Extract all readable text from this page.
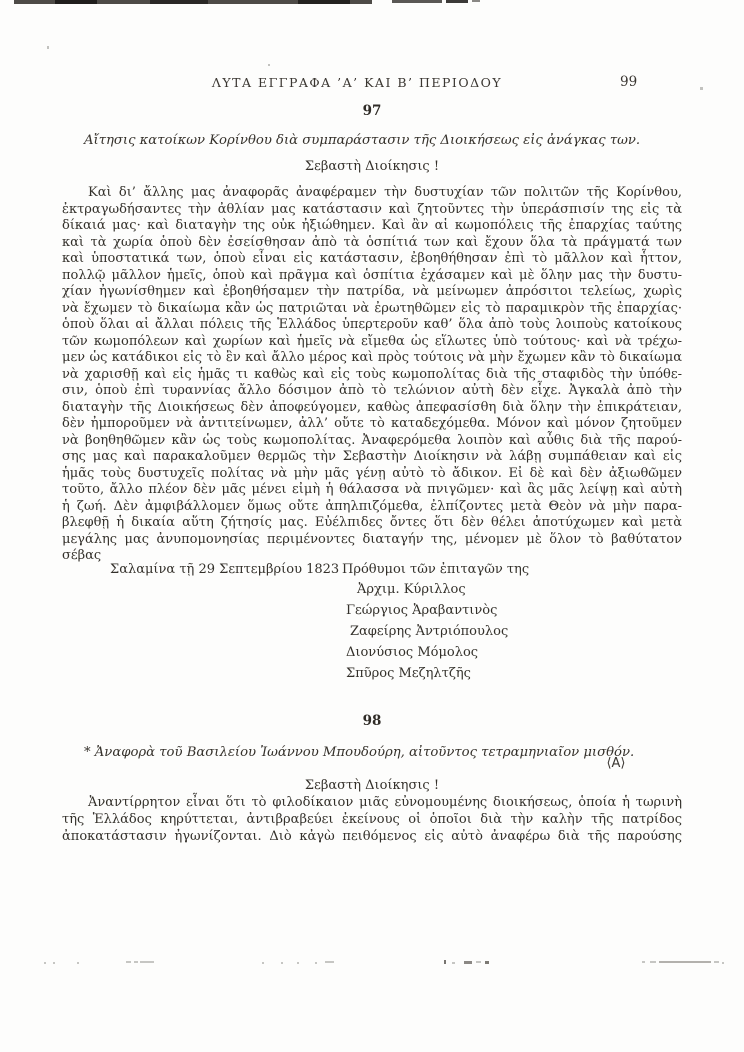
ΛΥΤΑ ΕΓΓΡΑΦΑ ’Α’ ΚΑΙ Β’ ΠΕΡΙΟΔΟΥ	99
97
Αἴτησις κατοίκων Κορίνθου διὰ συμπαράστασιν τῆς Διοικήσεως εἰς ἀνάγκας των.
Σεβαστὴ Διοίκησις !
Καὶ δι’ ἄλλης μας ἀναφορᾶς ἀναφέραμεν τὴν δυστυχίαν τῶν πολιτῶν τῆς Κορίνθου,
ἐκτραγωδήσαντες τὴν ἀθλίαν μας κατάστασιν καὶ ζητοῦντες τὴν ὑπεράσπισίν της εἰς τὰ
δίκαιά μας· καὶ διαταγὴν της οὐκ ἠξιώθημεν. Καὶ ἂν αἱ κωμοπόλεις τῆς ἐπαρχίας ταύτης
καὶ τὰ χωρία ὁποὺ δὲν ἐσείσθησαν ἀπὸ τὰ ὁσπίτιά των καὶ ἔχουν ὅλα τὰ πράγματά των
καὶ ὑποστατικά των, ὁποὺ εἶναι εἰς κατάστασιν, ἐβοηθήθησαν ἐπὶ τὸ μᾶλλον καὶ ἧττον,
πολλῷ μᾶλλον ἡμεῖς, ὁποὺ καὶ πρᾶγμα καὶ ὁσπίτια ἐχάσαμεν καὶ μὲ ὅλην μας τὴν δυστυ-
χίαν ἠγωνίσθημεν καὶ ἐβοηθήσαμεν τὴν πατρίδα, νὰ μείνωμεν ἀπρόσιτοι τελείως, χωρὶς
νὰ ἔχωμεν τὸ δικαίωμα κἂν ὡς πατριῶται νὰ ἐρωτηθῶμεν εἰς τὸ παραμικρὸν τῆς ἐπαρχίας·
ὁποὺ ὅλαι αἱ ἄλλαι πόλεις τῆς Ἑλλάδος ὑπερτεροῦν καθ’ ὅλα ἀπὸ τοὺς λοιποὺς κατοίκους
τῶν κωμοπόλεων καὶ χωρίων καὶ ἡμεῖς νὰ εἴμεθα ὡς εἵλωτες ὑπὸ τούτους· καὶ νὰ τρέχω-
μεν ὡς κατάδικοι εἰς τὸ ἓν καὶ ἄλλο μέρος καὶ πρὸς τούτοις νὰ μὴν ἔχωμεν κἂν τὸ δικαίωμα
νὰ χαρισθῇ καὶ εἰς ἡμᾶς τι καθὼς καὶ εἰς τοὺς κωμοπολίτας διὰ τῆς σταφιδὸς τὴν ὑπόθε-
σιν, ὁποὺ ἐπὶ τυραννίας ἄλλο δόσιμον ἀπὸ τὸ τελώνιον αὐτὴ δὲν εἶχε. Ἀγκαλὰ ἀπὸ τὴν
διαταγὴν τῆς Διοικήσεως δὲν ἀποφεύγομεν, καθὼς ἀπεφασίσθη διὰ ὅλην τὴν ἐπικράτειαν,
δὲν ἠμποροῦμεν νὰ ἀντιτείνωμεν, ἀλλ’ οὔτε τὸ καταδεχόμεθα. Μόνον καὶ μόνον ζητοῦμεν
νὰ βοηθηθῶμεν κἂν ὡς τοὺς κωμοπολίτας. Ἀναφερόμεθα λοιπὸν καὶ αὖθις διὰ τῆς παρού-
σης μας καὶ παρακαλοῦμεν θερμῶς τὴν Σεβαστὴν Διοίκησιν νὰ λάβῃ συμπάθειαν καὶ εἰς
ἡμᾶς τοὺς δυστυχεῖς πολίτας νὰ μὴν μᾶς γένῃ αὐτὸ τὸ ἄδικον. Εἰ δὲ καὶ δὲν ἀξιωθῶμεν
τοῦτο, ἄλλο πλέον δὲν μᾶς μένει εἰμὴ ἡ θάλασσα νὰ πνιγῶμεν· καὶ ἂς μᾶς λείψῃ καὶ αὐτὴ
ἡ ζωή. Δὲν ἀμφιβάλλομεν ὅμως οὔτε ἀπηλπιζόμεθα, ἐλπίζοντες μετὰ Θεὸν νὰ μὴν παρα-
βλεφθῇ ἡ δικαία αὕτη ζήτησίς μας. Εὐέλπιδες ὄντες ὅτι δὲν θέλει ἀποτύχωμεν καὶ μετὰ
μεγάλης μας ἀνυπομονησίας περιμένοντες διαταγήν της, μένομεν μὲ ὅλον τὸ βαθύτατον
σέβας
Σαλαμίνα τῇ 29 Σεπτεμβρίου 1823 Πρόθυμοι τῶν ἐπιταγῶν της
Ἀρχιμ. Κύριλλος
Γεώργιος Ἀραβαντινὸς
Ζαφείρης Ἀντριόπουλος
Διονύσιος Μόμολος
Σπῦρος Μεζηλτζῆς
98
* Ἀναφορὰ τοῦ Βασιλείου Ἰωάννου Μπουδούρη, αἰτοῦντος τετραμηνιαῖον μισθόν.
⟨Α⟩
Σεβαστὴ Διοίκησις !
Ἀναντίρρητον εἶναι ὅτι τὸ φιλοδίκαιον μιᾶς εὐνομουμένης διοικήσεως, ὁποία ἡ τωρινὴ
τῆς Ἑλλάδος κηρύττεται, ἀντιβραβεύει ἐκείνους οἱ ὁποῖοι διὰ τὴν καλὴν τῆς πατρίδος
ἀποκατάστασιν ἠγωνίζονται. Διὸ κἀγὼ πειθόμενος εἰς αὐτὸ ἀναφέρω διὰ τῆς παρούσης
